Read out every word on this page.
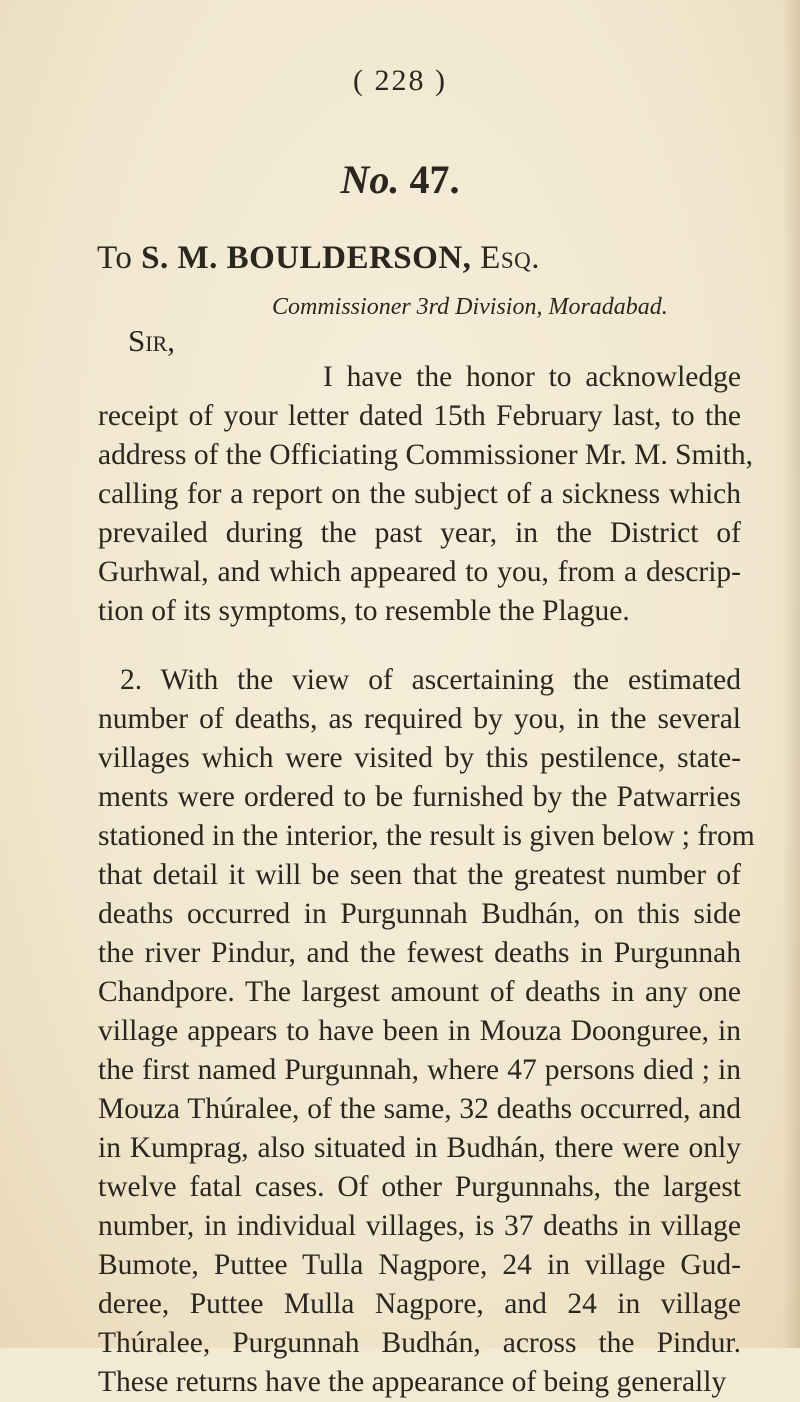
( 228 )
No. 47.
To S. M. BOULDERSON, Esq.
Commissioner 3rd Division, Moradabad.
Sir,

I have the honor to acknowledge
receipt of your letter dated 15th February last, to the
address of the Officiating Commissioner Mr. M. Smith,
calling for a report on the subject of a sickness which
prevailed during the past year, in the District of
Gurhwal, and which appeared to you, from a descrip-
tion of its symptoms, to resemble the Plague.

2. With the view of ascertaining the estimated
number of deaths, as required by you, in the several
villages which were visited by this pestilence, state-
ments were ordered to be furnished by the Patwarries
stationed in the interior, the result is given below ; from
that detail it will be seen that the greatest number of
deaths occurred in Purgunnah Budhán, on this side
the river Pindur, and the fewest deaths in Purgunnah
Chandpore. The largest amount of deaths in any one
village appears to have been in Mouza Doonguree, in
the first named Purgunnah, where 47 persons died ; in
Mouza Thúralee, of the same, 32 deaths occurred, and
in Kumprag, also situated in Budhán, there were only
twelve fatal cases. Of other Purgunnahs, the largest
number, in individual villages, is 37 deaths in village
Bumote, Puttee Tulla Nagpore, 24 in village Gud-
deree, Puttee Mulla Nagpore, and 24 in village
Thúralee, Purgunnah Budhán, across the Pindur.
These returns have the appearance of being generally
